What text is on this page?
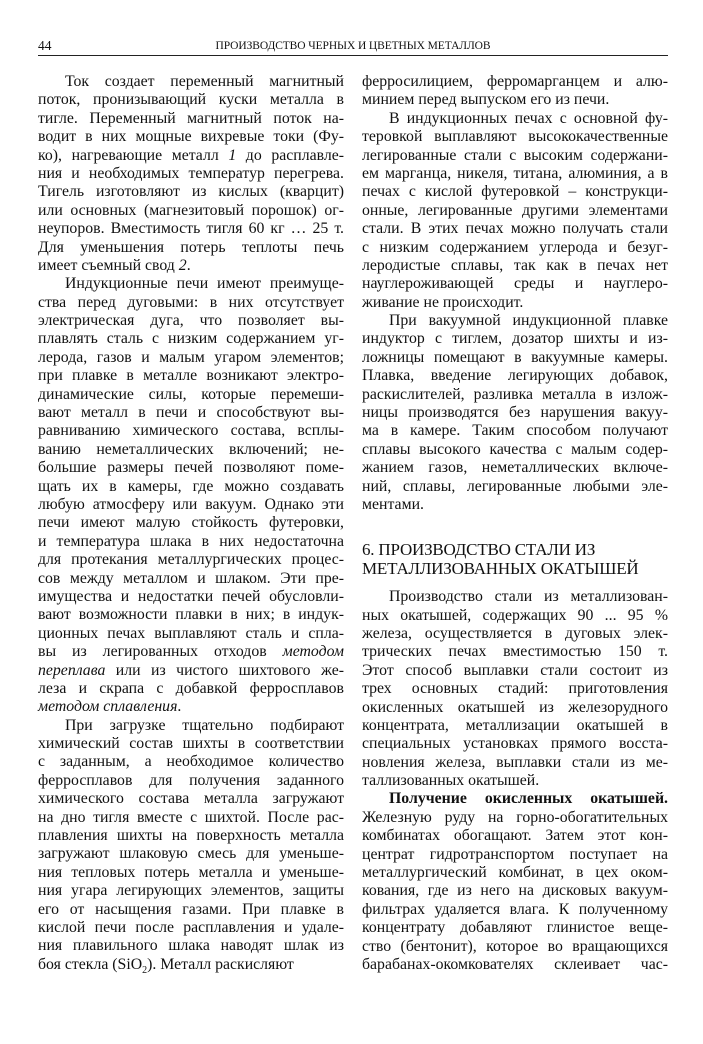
44	ПРОИЗВОДСТВО ЧЕРНЫХ И ЦВЕТНЫХ МЕТАЛЛОВ
Ток создает переменный магнитный
поток, пронизывающий куски металла в
тигле. Переменный магнитный поток на-
водит в них мощные вихревые токи (Фу-
ко), нагревающие металл 1 до расплавле-
ния и необходимых температур перегрева.
Тигель изготовляют из кислых (кварцит)
или основных (магнезитовый порошок) ог-
неупоров. Вместимость тигля 60 кг … 25 т.
Для уменьшения потерь теплоты печь
имеет съемный свод 2.
Индукционные печи имеют преимуще-
ства перед дуговыми: в них отсутствует
электрическая дуга, что позволяет вы-
плавлять сталь с низким содержанием уг-
лерода, газов и малым угаром элементов;
при плавке в металле возникают электро-
динамические силы, которые перемеши-
вают металл в печи и способствуют вы-
равниванию химического состава, всплы-
ванию неметаллических включений; не-
большие размеры печей позволяют поме-
щать их в камеры, где можно создавать
любую атмосферу или вакуум. Однако эти
печи имеют малую стойкость футеровки,
и температура шлака в них недостаточна
для протекания металлургических процес-
сов между металлом и шлаком. Эти пре-
имущества и недостатки печей обусловли-
вают возможности плавки в них; в индук-
ционных печах выплавляют сталь и спла-
вы из легированных отходов методом
переплава или из чистого шихтового же-
леза и скрапа с добавкой ферросплавов
методом сплавления.
При загрузке тщательно подбирают
химический состав шихты в соответствии
с заданным, а необходимое количество
ферросплавов для получения заданного
химического состава металла загружают
на дно тигля вместе с шихтой. После рас-
плавления шихты на поверхность металла
загружают шлаковую смесь для уменьше-
ния тепловых потерь металла и уменьше-
ния угара легирующих элементов, защиты
его от насыщения газами. При плавке в
кислой печи после расплавления и удале-
ния плавильного шлака наводят шлак из
боя стекла (SiO$_2$). Металл раскисляют
ферросилицием, ферромарганцем и алю-
минием перед выпуском его из печи.
В индукционных печах с основной фу-
теровкой выплавляют высококачественные
легированные стали с высоким содержани-
ем марганца, никеля, титана, алюминия, а в
печах с кислой футеровкой – конструкци-
онные, легированные другими элементами
стали. В этих печах можно получать стали
с низким содержанием углерода и безуг-
леродистые сплавы, так как в печах нет
науглероживающей среды и науглеро-
живание не происходит.
При вакуумной индукционной плавке
индуктор с тиглем, дозатор шихты и из-
ложницы помещают в вакуумные камеры.
Плавка, введение легирующих добавок,
раскислителей, разливка металла в излож-
ницы производятся без нарушения вакуу-
ма в камере. Таким способом получают
сплавы высокого качества с малым содер-
жанием газов, неметаллических включе-
ний, сплавы, легированные любыми эле-
ментами.
6. ПРОИЗВОДСТВО СТАЛИ ИЗ
МЕТАЛЛИЗОВАННЫХ ОКАТЫШЕЙ
Производство стали из металлизован-
ных окатышей, содержащих 90 ... 95 %
железа, осуществляется в дуговых элек-
трических печах вместимостью 150 т.
Этот способ выплавки стали состоит из
трех основных стадий: приготовления
окисленных окатышей из железорудного
концентрата, металлизации окатышей в
специальных установках прямого восста-
новления железа, выплавки стали из ме-
таллизованных окатышей.
Получение окисленных окатышей.
Железную руду на горно-обогатительных
комбинатах обогащают. Затем этот кон-
центрат гидротранспортом поступает на
металлургический комбинат, в цех оком-
кования, где из него на дисковых вакуум-
фильтрах удаляется влага. К полученному
концентрату добавляют глинистое веще-
ство (бентонит), которое во вращающихся
барабанах-окомкователях склеивает час-
